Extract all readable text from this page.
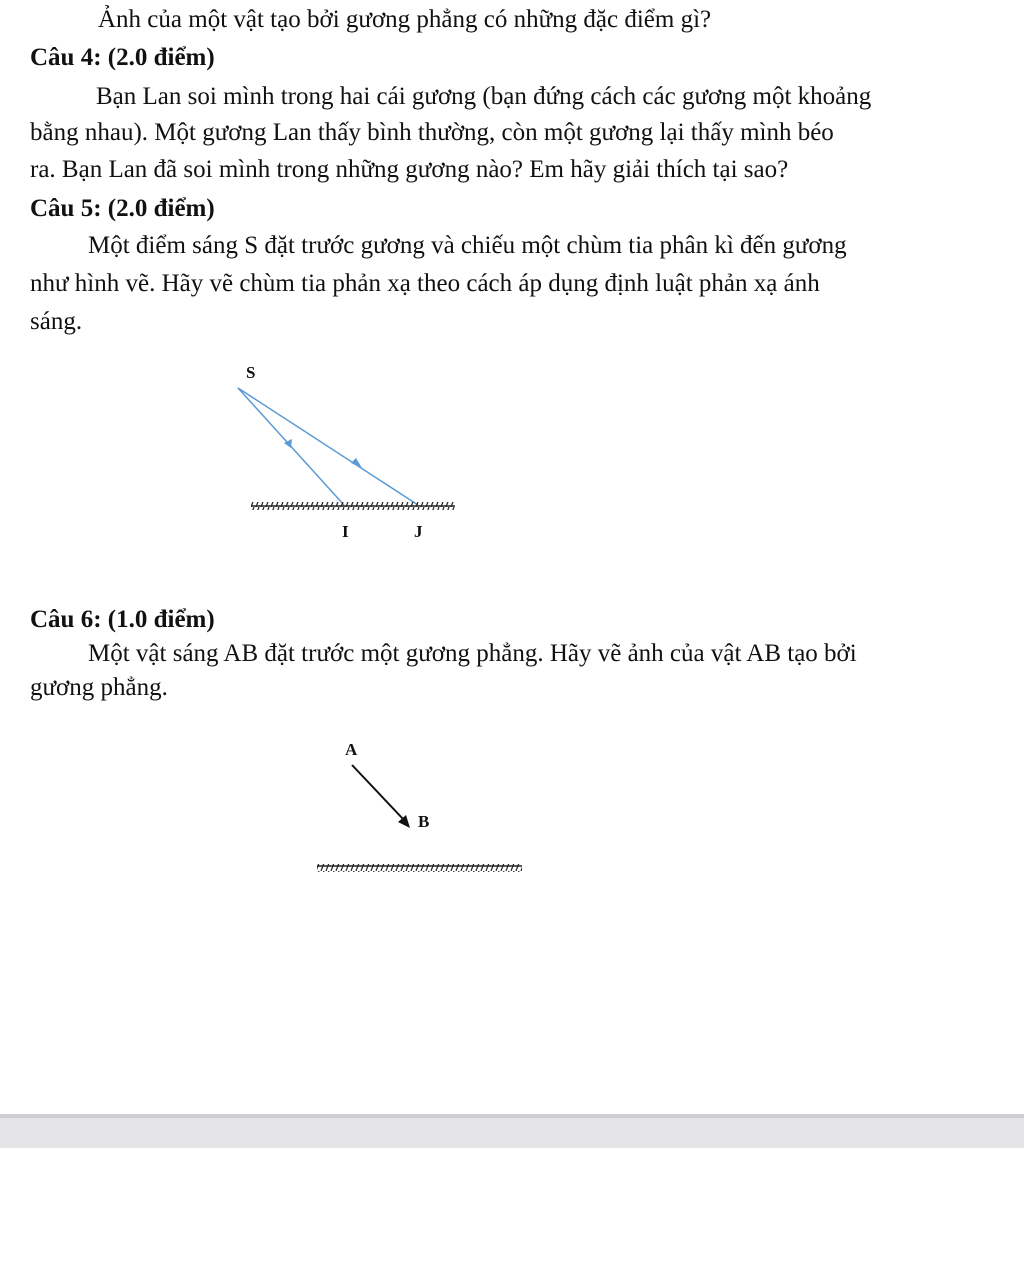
Ảnh của một vật tạo bởi gương phẳng có những đặc điểm gì?
Câu 4: (2.0 điểm)
Bạn Lan soi mình trong hai cái gương (bạn đứng cách các gương một khoảng
bằng nhau). Một gương Lan thấy bình thường, còn một gương lại thấy mình béo
ra. Bạn Lan đã soi mình trong những gương nào? Em hãy giải thích tại sao?
Câu 5: (2.0 điểm)
Một điểm sáng S đặt trước gương và chiếu một chùm tia phân kì đến gương
như hình vẽ. Hãy vẽ chùm tia phản xạ theo cách áp dụng định luật phản xạ ánh
sáng.
S
I	J
Câu 6: (1.0 điểm)
Một vật sáng AB đặt trước một gương phẳng. Hãy vẽ ảnh của vật AB tạo bởi
gương phẳng.
A
B
